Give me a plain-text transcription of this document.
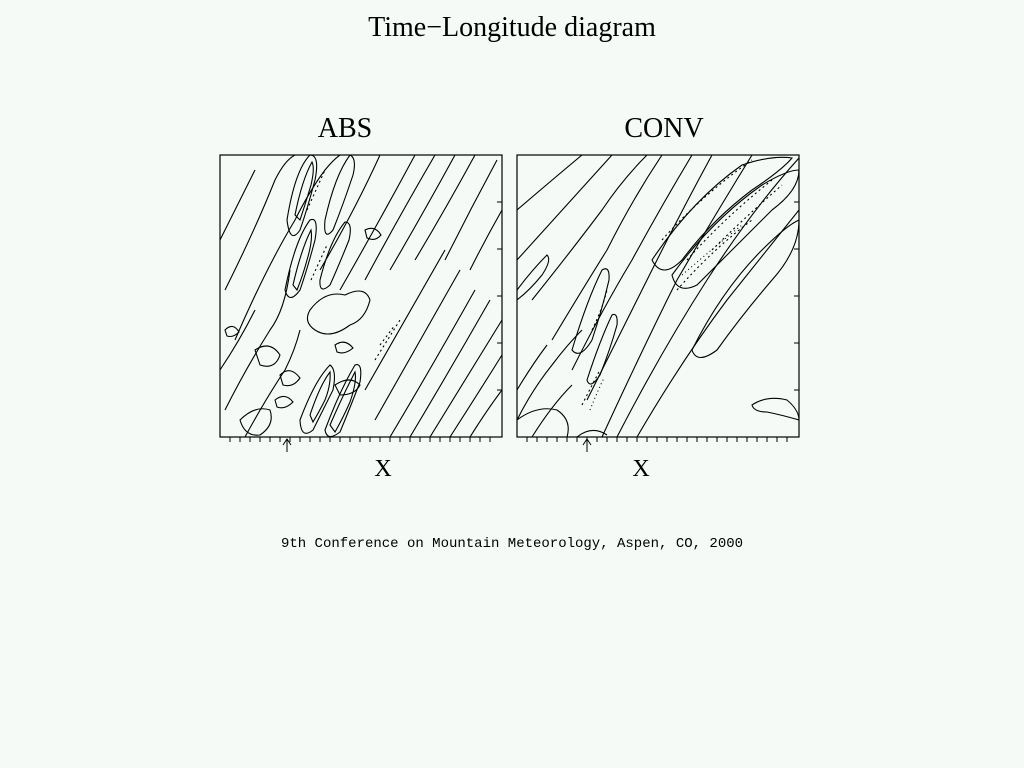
Time−Longitude diagram
ABS	CONV
X	X
9th Conference on Mountain Meteorology, Aspen, CO, 2000
